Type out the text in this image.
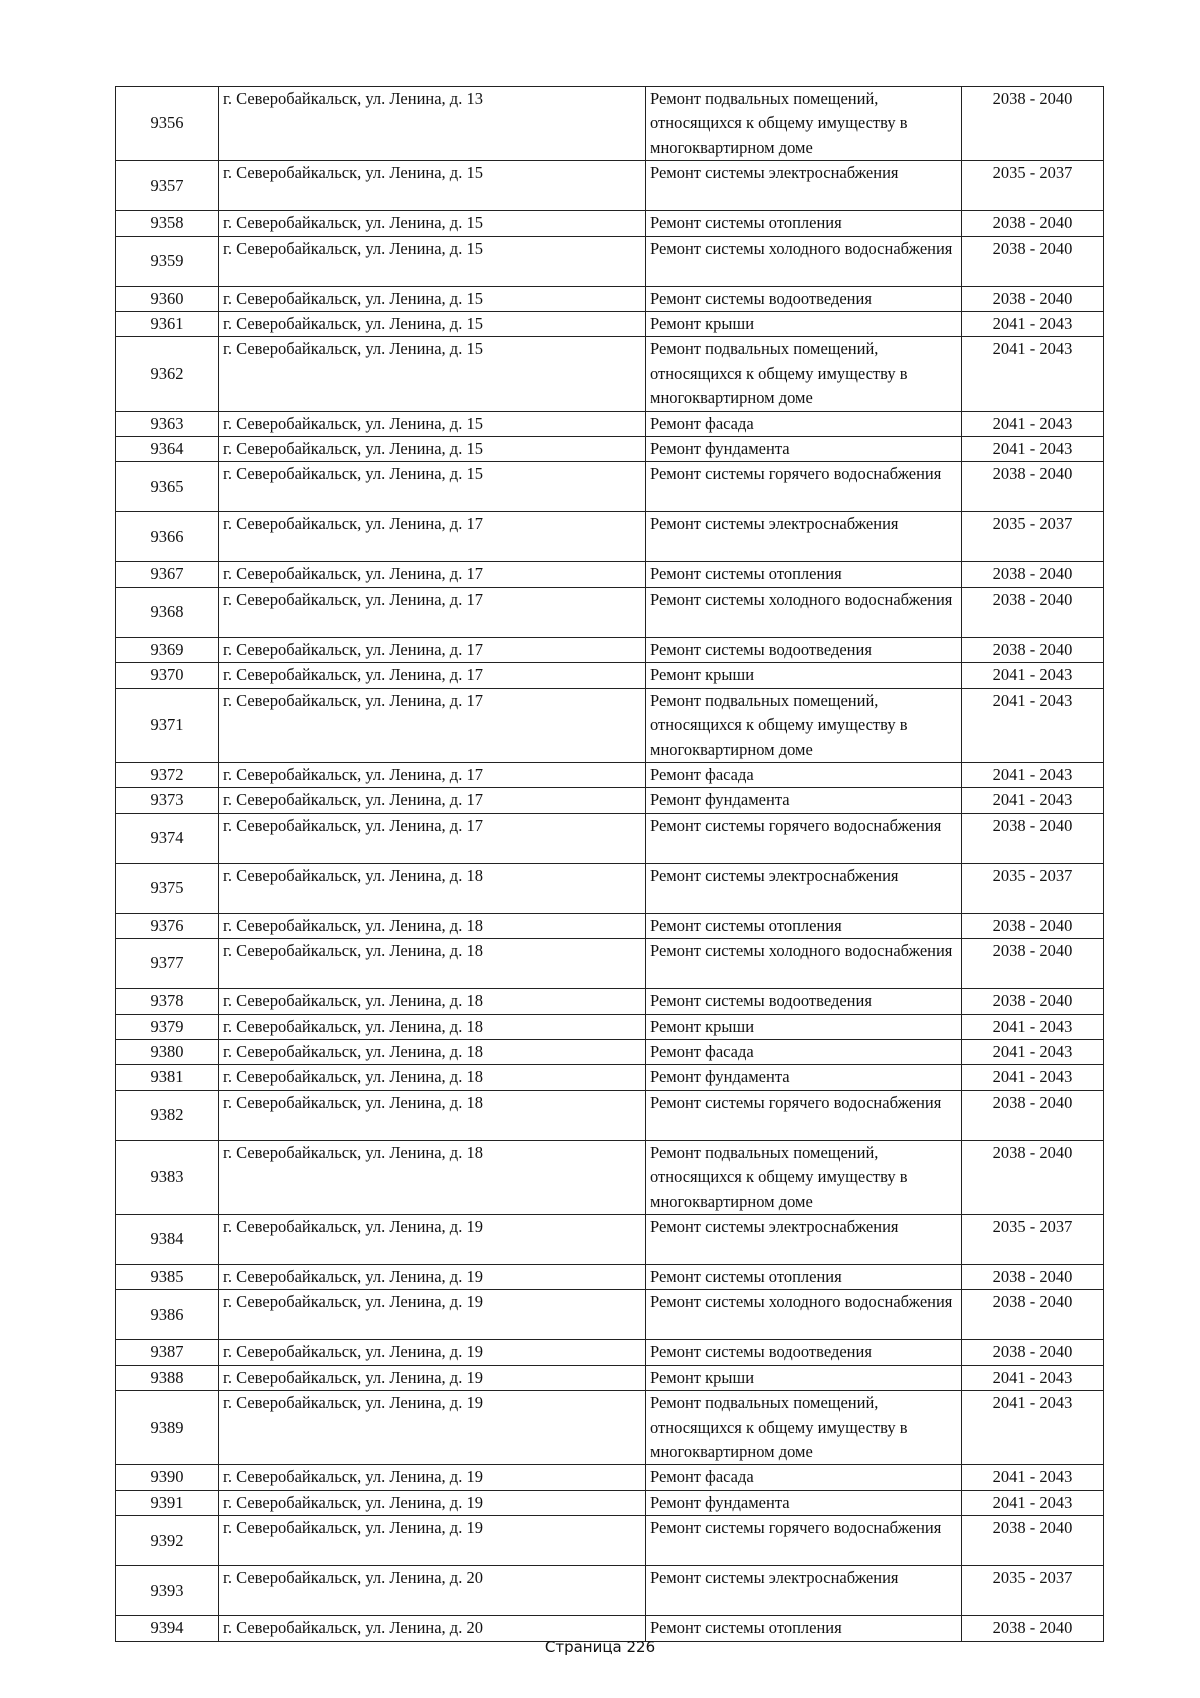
9356	г. Северобайкальск, ул. Ленина, д. 13	Ремонт подвальных помещений, относящихся к общему имуществу в многоквартирном доме	2038 - 2040
9357	г. Северобайкальск, ул. Ленина, д. 15	Ремонт системы электроснабжения	2035 - 2037
9358	г. Северобайкальск, ул. Ленина, д. 15	Ремонт системы отопления	2038 - 2040
9359	г. Северобайкальск, ул. Ленина, д. 15	Ремонт системы холодного водоснабжения	2038 - 2040
9360	г. Северобайкальск, ул. Ленина, д. 15	Ремонт системы водоотведения	2038 - 2040
9361	г. Северобайкальск, ул. Ленина, д. 15	Ремонт крыши	2041 - 2043
9362	г. Северобайкальск, ул. Ленина, д. 15	Ремонт подвальных помещений, относящихся к общему имуществу в многоквартирном доме	2041 - 2043
9363	г. Северобайкальск, ул. Ленина, д. 15	Ремонт фасада	2041 - 2043
9364	г. Северобайкальск, ул. Ленина, д. 15	Ремонт фундамента	2041 - 2043
9365	г. Северобайкальск, ул. Ленина, д. 15	Ремонт системы горячего водоснабжения	2038 - 2040
9366	г. Северобайкальск, ул. Ленина, д. 17	Ремонт системы электроснабжения	2035 - 2037
9367	г. Северобайкальск, ул. Ленина, д. 17	Ремонт системы отопления	2038 - 2040
9368	г. Северобайкальск, ул. Ленина, д. 17	Ремонт системы холодного водоснабжения	2038 - 2040
9369	г. Северобайкальск, ул. Ленина, д. 17	Ремонт системы водоотведения	2038 - 2040
9370	г. Северобайкальск, ул. Ленина, д. 17	Ремонт крыши	2041 - 2043
9371	г. Северобайкальск, ул. Ленина, д. 17	Ремонт подвальных помещений, относящихся к общему имуществу в многоквартирном доме	2041 - 2043
9372	г. Северобайкальск, ул. Ленина, д. 17	Ремонт фасада	2041 - 2043
9373	г. Северобайкальск, ул. Ленина, д. 17	Ремонт фундамента	2041 - 2043
9374	г. Северобайкальск, ул. Ленина, д. 17	Ремонт системы горячего водоснабжения	2038 - 2040
9375	г. Северобайкальск, ул. Ленина, д. 18	Ремонт системы электроснабжения	2035 - 2037
9376	г. Северобайкальск, ул. Ленина, д. 18	Ремонт системы отопления	2038 - 2040
9377	г. Северобайкальск, ул. Ленина, д. 18	Ремонт системы холодного водоснабжения	2038 - 2040
9378	г. Северобайкальск, ул. Ленина, д. 18	Ремонт системы водоотведения	2038 - 2040
9379	г. Северобайкальск, ул. Ленина, д. 18	Ремонт крыши	2041 - 2043
9380	г. Северобайкальск, ул. Ленина, д. 18	Ремонт фасада	2041 - 2043
9381	г. Северобайкальск, ул. Ленина, д. 18	Ремонт фундамента	2041 - 2043
9382	г. Северобайкальск, ул. Ленина, д. 18	Ремонт системы горячего водоснабжения	2038 - 2040
9383	г. Северобайкальск, ул. Ленина, д. 18	Ремонт подвальных помещений, относящихся к общему имуществу в многоквартирном доме	2038 - 2040
9384	г. Северобайкальск, ул. Ленина, д. 19	Ремонт системы электроснабжения	2035 - 2037
9385	г. Северобайкальск, ул. Ленина, д. 19	Ремонт системы отопления	2038 - 2040
9386	г. Северобайкальск, ул. Ленина, д. 19	Ремонт системы холодного водоснабжения	2038 - 2040
9387	г. Северобайкальск, ул. Ленина, д. 19	Ремонт системы водоотведения	2038 - 2040
9388	г. Северобайкальск, ул. Ленина, д. 19	Ремонт крыши	2041 - 2043
9389	г. Северобайкальск, ул. Ленина, д. 19	Ремонт подвальных помещений, относящихся к общему имуществу в многоквартирном доме	2041 - 2043
9390	г. Северобайкальск, ул. Ленина, д. 19	Ремонт фасада	2041 - 2043
9391	г. Северобайкальск, ул. Ленина, д. 19	Ремонт фундамента	2041 - 2043
9392	г. Северобайкальск, ул. Ленина, д. 19	Ремонт системы горячего водоснабжения	2038 - 2040
9393	г. Северобайкальск, ул. Ленина, д. 20	Ремонт системы электроснабжения	2035 - 2037
9394	г. Северобайкальск, ул. Ленина, д. 20	Ремонт системы отопления	2038 - 2040
Страница 226
